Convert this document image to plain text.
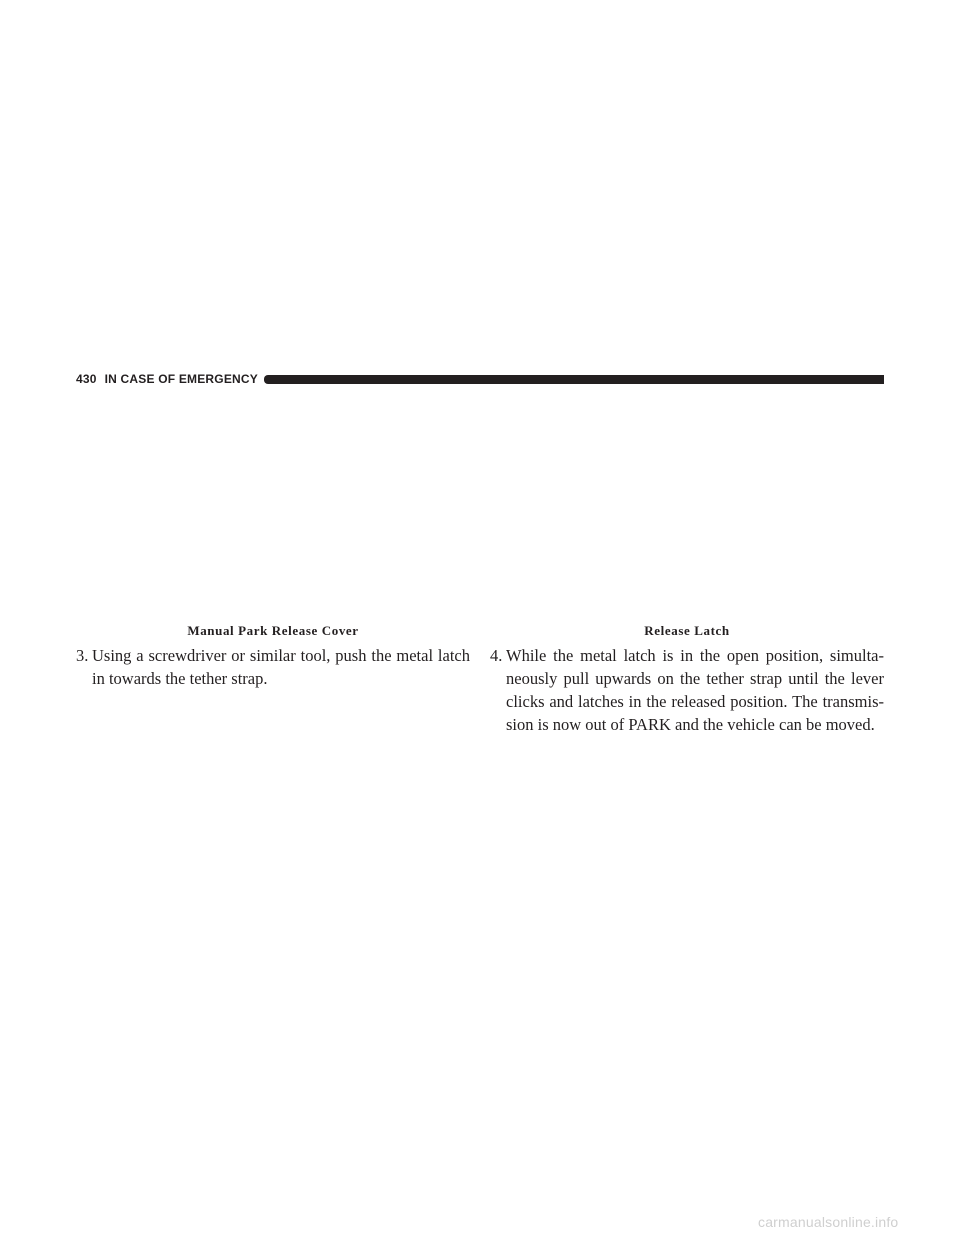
430 IN CASE OF EMERGENCY
Manual Park Release Cover
3. Using a screwdriver or similar tool, push the metal latch in towards the tether strap.
Release Latch
4. While the metal latch is in the open position, simulta-neously pull upwards on the tether strap until the lever clicks and latches in the released position. The transmis-sion is now out of PARK and the vehicle can be moved.
carmanualsonline.info
